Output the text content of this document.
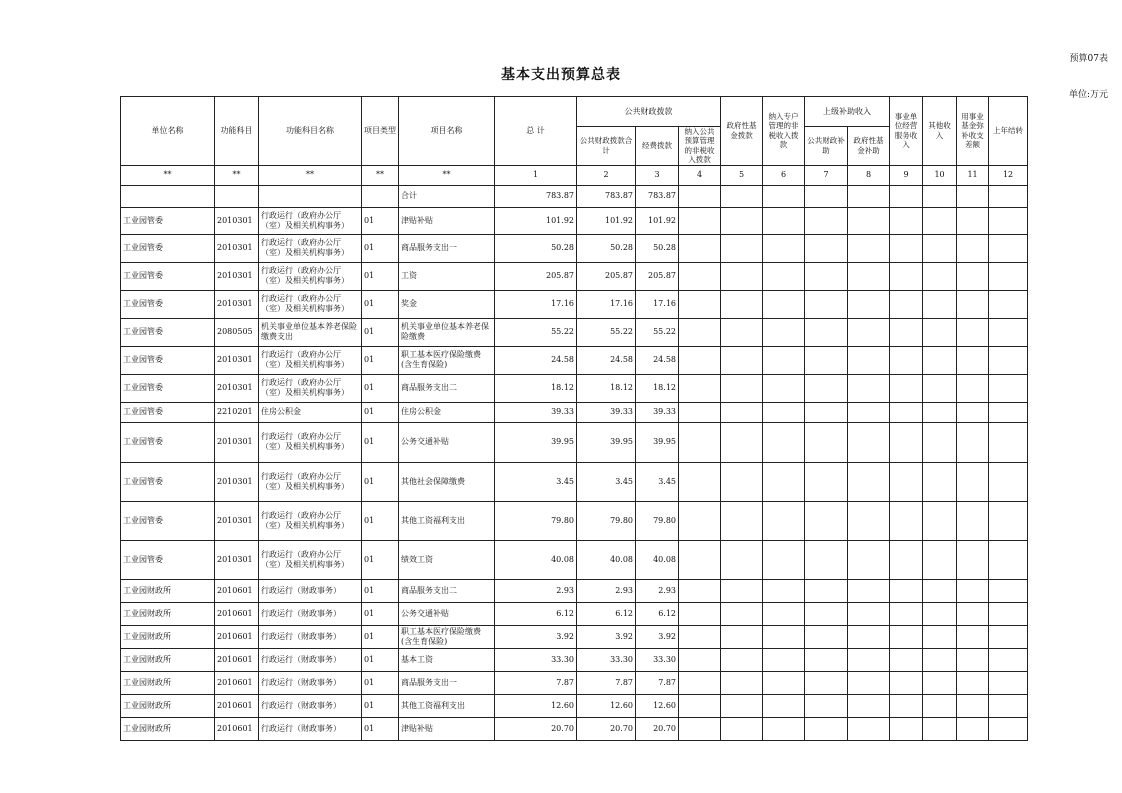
预算07表
基本支出预算总表
单位:万元
单位名称	功能科目	功能科目名称	项目类型	项目名称	总 计	公共财政拨款			政府性基金拨款	纳入专户管理的非税收入拨款	上级补助收入		事业单位经营服务收入	其他收入	用事业基金弥补收支差额	上年结转
						公共财政拨款合计	经费拨款	纳入公共预算管理的非税收入拨款			公共财政补助	政府性基金补助				
**	**	**	**	**	1	2	3	4	5	6	7	8	9	10	11	12
				合计	783.87	783.87	783.87									
工业园管委	2010301	行政运行（政府办公厅（室）及相关机构事务）	01	津贴补贴	101.92	101.92	101.92									
工业园管委	2010301	行政运行（政府办公厅（室）及相关机构事务）	01	商品服务支出一	50.28	50.28	50.28									
工业园管委	2010301	行政运行（政府办公厅（室）及相关机构事务）	01	工资	205.87	205.87	205.87									
工业园管委	2010301	行政运行（政府办公厅（室）及相关机构事务）	01	奖金	17.16	17.16	17.16									
工业园管委	2080505	机关事业单位基本养老保险缴费支出	01	机关事业单位基本养老保险缴费	55.22	55.22	55.22									
工业园管委	2010301	行政运行（政府办公厅（室）及相关机构事务）	01	职工基本医疗保险缴费(含生育保险)	24.58	24.58	24.58									
工业园管委	2010301	行政运行（政府办公厅（室）及相关机构事务）	01	商品服务支出二	18.12	18.12	18.12									
工业园管委	2210201	住房公积金	01	住房公积金	39.33	39.33	39.33									
工业园管委	2010301	行政运行（政府办公厅（室）及相关机构事务）	01	公务交通补贴	39.95	39.95	39.95									
工业园管委	2010301	行政运行（政府办公厅（室）及相关机构事务）	01	其他社会保障缴费	3.45	3.45	3.45									
工业园管委	2010301	行政运行（政府办公厅（室）及相关机构事务）	01	其他工资福利支出	79.80	79.80	79.80									
工业园管委	2010301	行政运行（政府办公厅（室）及相关机构事务）	01	绩效工资	40.08	40.08	40.08									
工业园财政所	2010601	行政运行（财政事务）	01	商品服务支出二	2.93	2.93	2.93									
工业园财政所	2010601	行政运行（财政事务）	01	公务交通补贴	6.12	6.12	6.12									
工业园财政所	2010601	行政运行（财政事务）	01	职工基本医疗保险缴费(含生育保险)	3.92	3.92	3.92									
工业园财政所	2010601	行政运行（财政事务）	01	基本工资	33.30	33.30	33.30									
工业园财政所	2010601	行政运行（财政事务）	01	商品服务支出一	7.87	7.87	7.87									
工业园财政所	2010601	行政运行（财政事务）	01	其他工资福利支出	12.60	12.60	12.60									
工业园财政所	2010601	行政运行（财政事务）	01	津贴补贴	20.70	20.70	20.70									
